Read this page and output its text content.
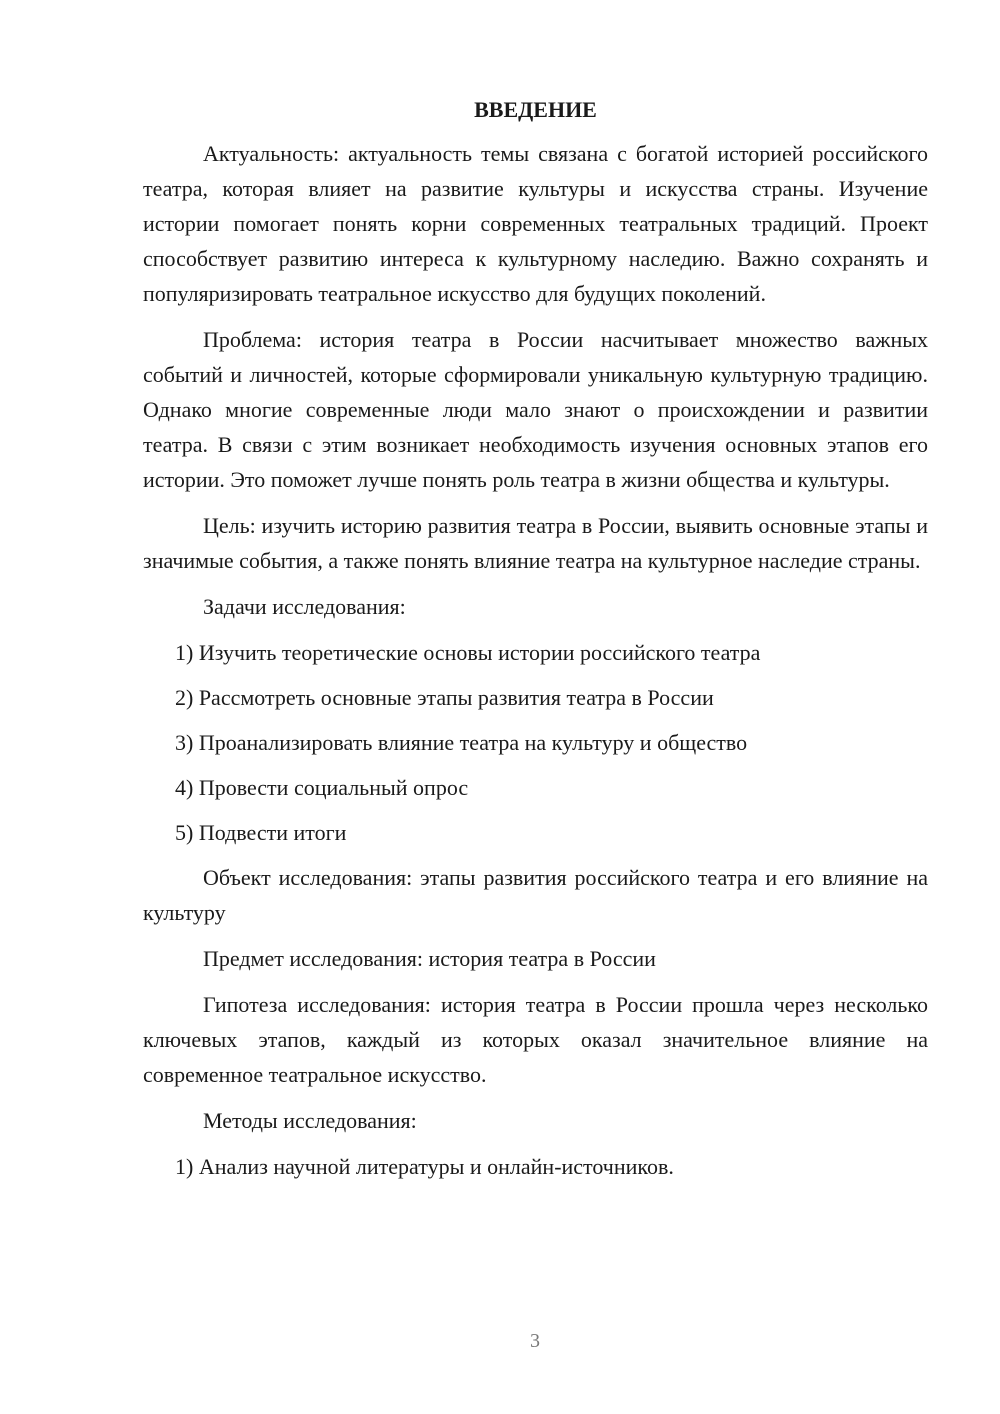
ВВЕДЕНИЕ
Актуальность: актуальность темы связана с богатой историей российского театра, которая влияет на развитие культуры и искусства страны. Изучение истории помогает понять корни современных театральных традиций. Проект способствует развитию интереса к культурному наследию. Важно сохранять и популяризировать театральное искусство для будущих поколений.
Проблема: история театра в России насчитывает множество важных событий и личностей, которые сформировали уникальную культурную традицию. Однако многие современные люди мало знают о происхождении и развитии театра. В связи с этим возникает необходимость изучения основных этапов его истории. Это поможет лучше понять роль театра в жизни общества и культуры.
Цель: изучить историю развития театра в России, выявить основные этапы и значимые события, а также понять влияние театра на культурное наследие страны.
Задачи исследования:
1) Изучить теоретические основы истории российского театра
2) Рассмотреть основные этапы развития театра в России
3) Проанализировать влияние театра на культуру и общество
4) Провести социальный опрос
5) Подвести итоги
Объект исследования: этапы развития российского театра и его влияние на культуру
Предмет исследования: история театра в России
Гипотеза исследования: история театра в России прошла через несколько ключевых этапов, каждый из которых оказал значительное влияние на современное театральное искусство.
Методы исследования:
1) Анализ научной литературы и онлайн-источников.
3
